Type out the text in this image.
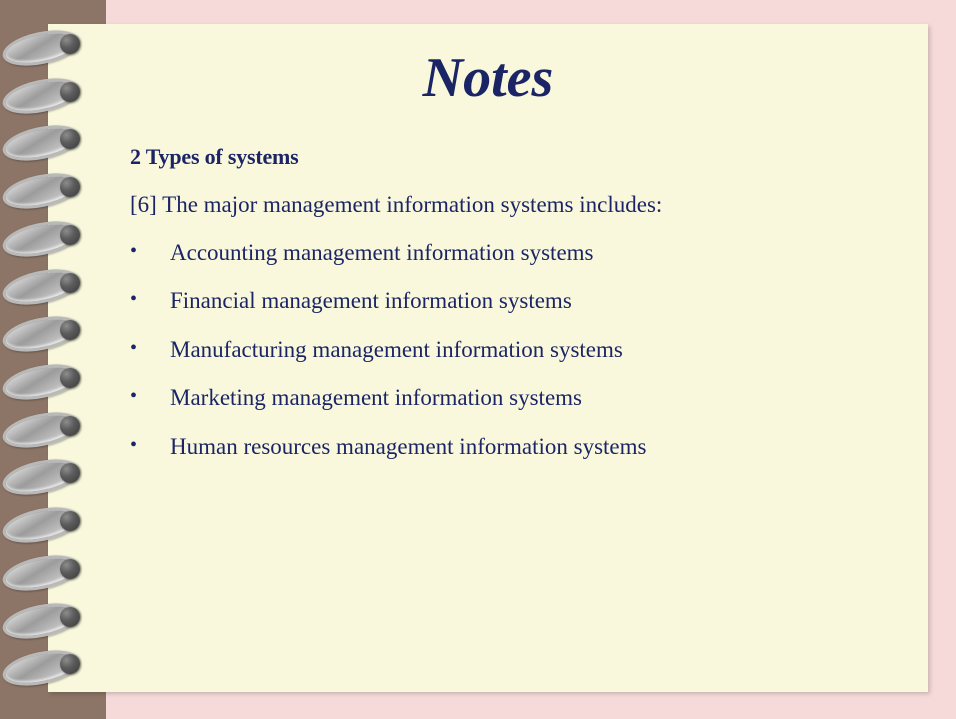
Notes

2 Types of systems

[6] The major management information systems includes:

• Accounting management information systems
• Financial management information systems
• Manufacturing management information systems
• Marketing management information systems
• Human resources management information systems
